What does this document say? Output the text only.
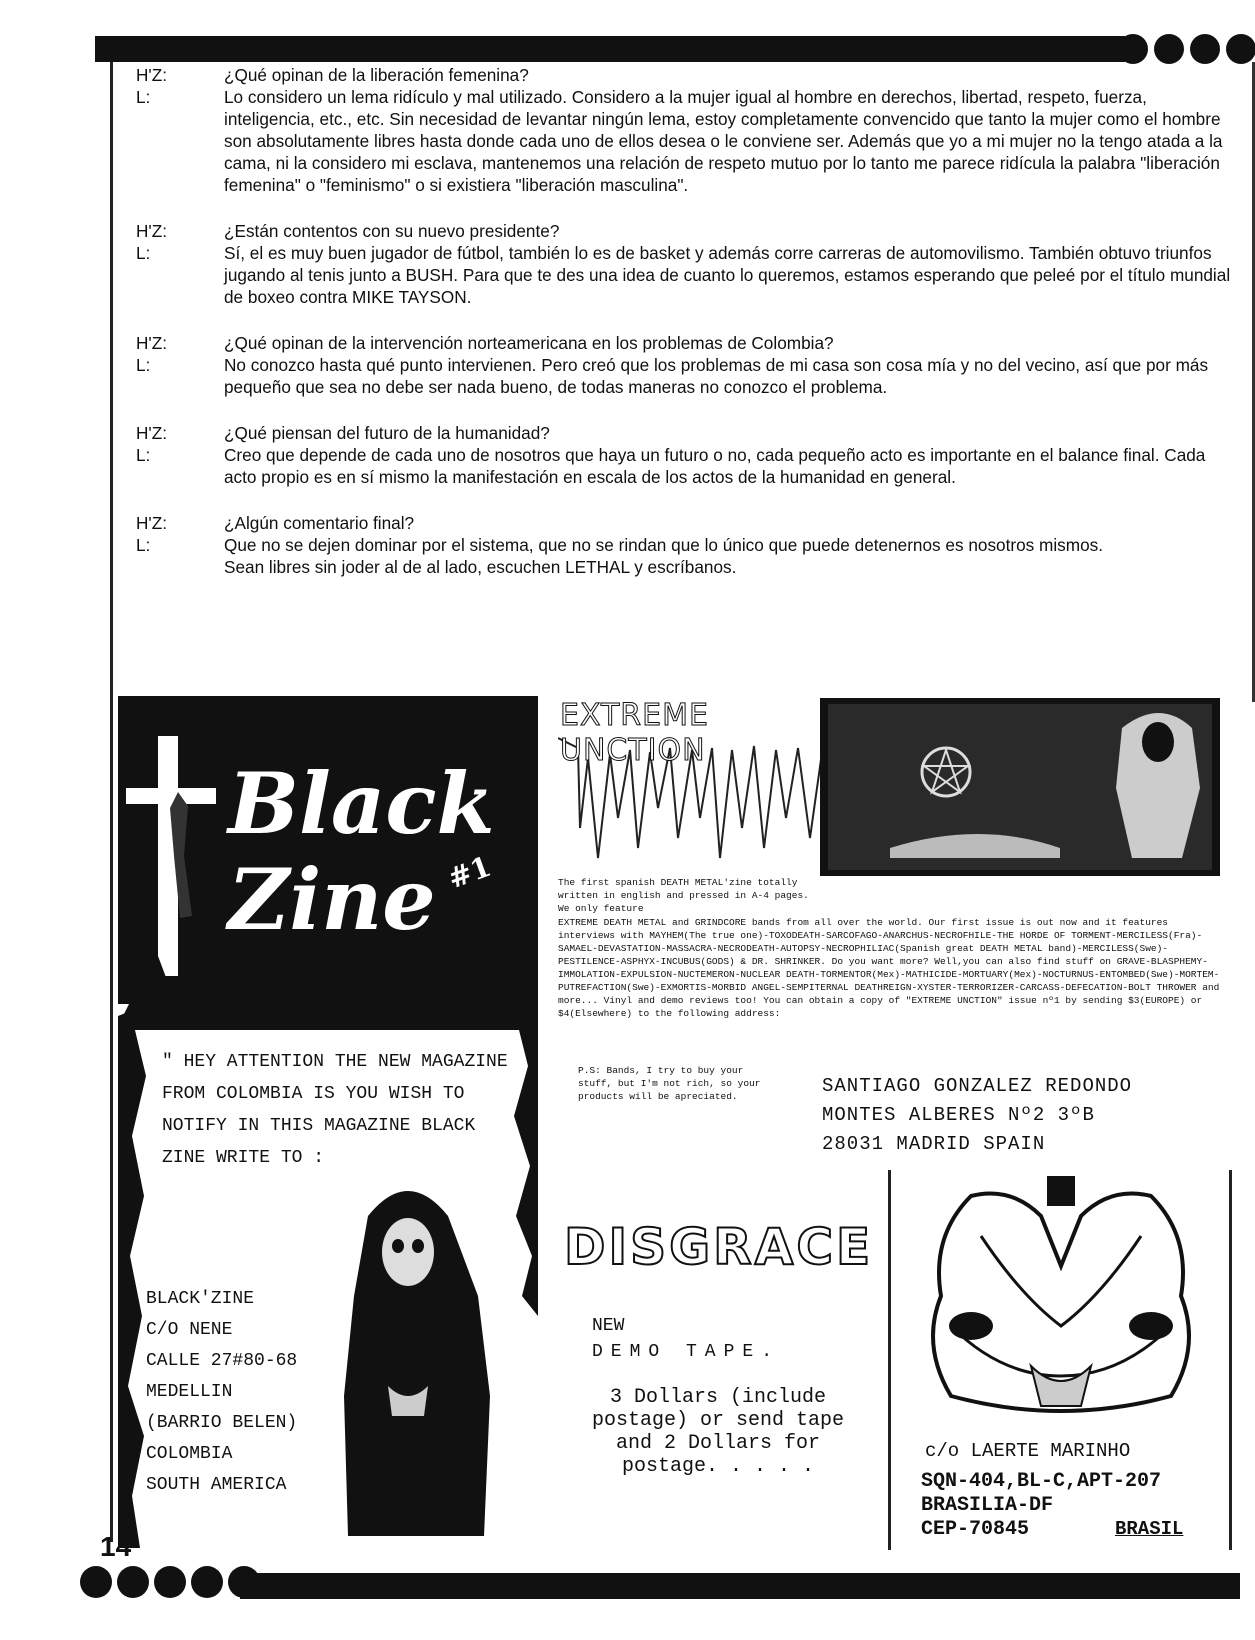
H'Z:	¿Qué opinan de la liberación femenina?
L:	Lo considero un lema ridículo y mal utilizado. Considero a la mujer igual al hombre en derechos, libertad, respeto, fuerza, inteligencia, etc., etc. Sin necesidad de levantar ningún lema, estoy completamente convencido que tanto la mujer como el hombre son absolutamente libres hasta donde cada uno de ellos desea o le conviene ser. Además que yo a mi mujer no la tengo atada a la cama, ni la considero mi esclava, mantenemos una relación de respeto mutuo por lo tanto me parece ridícula la palabra "liberación femenina" o "feminismo" o si existiera "liberación masculina".
H'Z:	¿Están contentos con su nuevo presidente?
L:	Sí, el es muy buen jugador de fútbol, también lo es de basket y además corre carreras de automovilismo. También obtuvo triunfos jugando al tenis junto a BUSH. Para que te des una idea de cuanto lo queremos, estamos esperando que peleé por el título mundial de boxeo contra MIKE TAYSON.
H'Z:	¿Qué opinan de la intervención norteamericana en los problemas de Colombia?
L:	No conozco hasta qué punto intervienen. Pero creó que los problemas de mi casa son cosa mía y no del vecino, así que por más pequeño que sea no debe ser nada bueno, de todas maneras no conozco el problema.
H'Z:	¿Qué piensan del futuro de la humanidad?
L:	Creo que depende de cada uno de nosotros que haya un futuro o no, cada pequeño acto es importante en el balance final. Cada acto propio es en sí mismo la manifestación en escala de los actos de la humanidad en general.
H'Z:	¿Algún comentario final?
L:	Que no se dejen dominar por el sistema, que no se rindan que lo único que puede detenernos es nosotros mismos.
Sean libres sin joder al de al lado, escuchen LETHAL y escríbanos.
Black Zine #1
" HEY ATTENTION THE NEW MAGAZINE FROM COLOMBIA IS YOU WISH TO NOTIFY IN THIS MAGAZINE BLACK ZINE WRITE TO :
BLACK'ZINE
C/O NENE
CALLE 27#80-68
MEDELLIN
(BARRIO BELEN)
COLOMBIA
SOUTH AMERICA
EXTREME UNCTION
The first spanish DEATH METAL'zine totally written in english and pressed in A-4 pages. We only feature
EXTREME DEATH METAL and GRINDCORE bands from all over the world. Our first issue is out now and it features interviews with MAYHEM(The true one)-TOXODEATH-SARCOFAGO-ANARCHUS-NECROFHILE-THE HORDE OF TORMENT-MERCILESS(Fra)-SAMAEL-DEVASTATION-MASSACRA-NECRODEATH-AUTOPSY-NECROPHILIAC(Spanish great DEATH METAL band)-MERCILESS(Swe)-PESTILENCE-ASPHYX-INCUBUS(GODS) & DR. SHRINKER. Do you want more? Well,you can also find stuff on GRAVE-BLASPHEMY-IMMOLATION-EXPULSION-NUCTEMERON-NUCLEAR DEATH-TORMENTOR(Mex)-MATHICIDE-MORTUARY(Mex)-NOCTURNUS-ENTOMBED(Swe)-MORTEM-PUTREFACTION(Swe)-EXMORTIS-MORBID ANGEL-SEMPITERNAL DEATHREIGN-XYSTER-TERRORIZER-CARCASS-DEFECATION-BOLT THROWER and more... Vinyl and demo reviews too! You can obtain a copy of "EXTREME UNCTION" issue nº1 by sending $3(EUROPE) or $4(Elsewhere) to the following address:
P.S: Bands, I try to buy your stuff, but I'm not rich, so your products will be apreciated.	SANTIAGO GONZALEZ REDONDO
MONTES ALBERES Nº2 3ºB
28031 MADRID SPAIN
DISGRACE
NEW
DEMO TAPE.
3 Dollars (include postage) or send tape and 2 Dollars for postage. . . . .
c/o LAERTE MARINHO
SQN-404,BL-C,APT-207
BRASILIA-DF
CEP-70845	BRASIL
14
